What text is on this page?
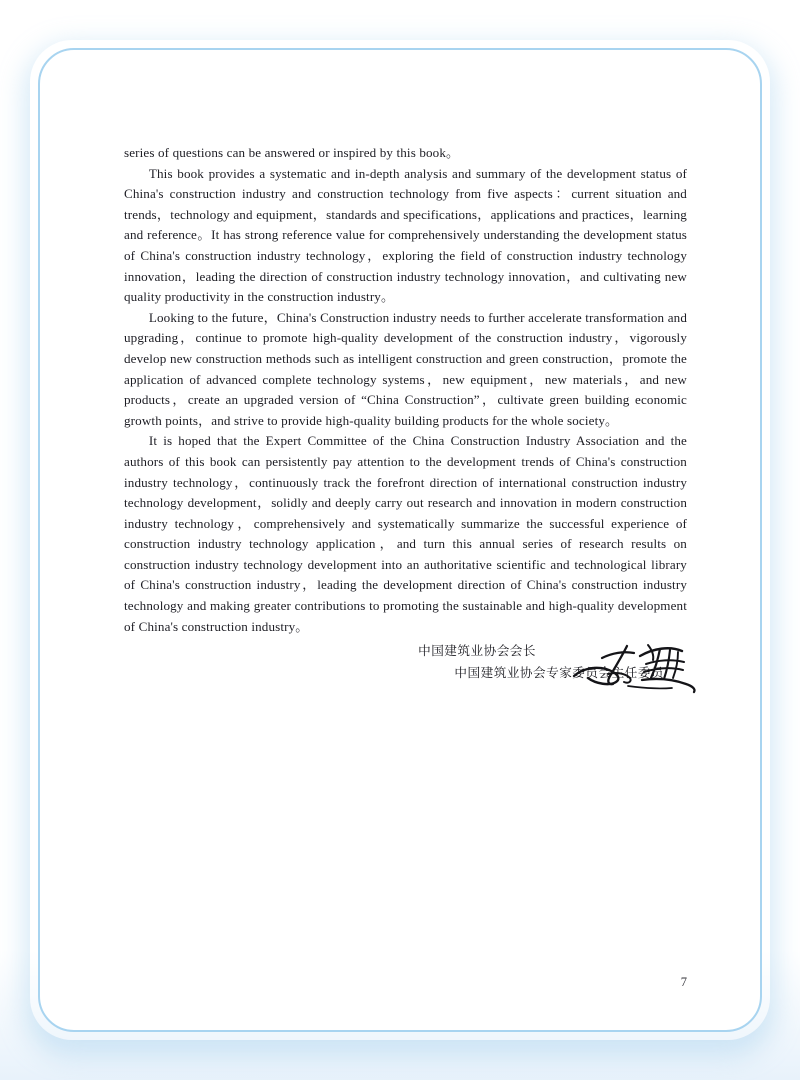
series of questions can be answered or inspired by this book。

This book provides a systematic and in-depth analysis and summary of the development status of China's construction industry and construction technology from five aspects：current situation and trends，technology and equipment，standards and specifications，applications and practices，learning and reference。It has strong reference value for comprehensively understanding the development status of China's construction industry technology，exploring the field of construction industry technology innovation，leading the direction of construction industry technology innovation，and cultivating new quality productivity in the construction industry。

Looking to the future，China's Construction industry needs to further accelerate transformation and upgrading，continue to promote high-quality development of the construction industry，vigorously develop new construction methods such as intelligent construction and green construction，promote the application of advanced complete technology systems，new equipment，new materials，and new products，create an upgraded version of “China Construction”，cultivate green building economic growth points，and strive to provide high-quality building products for the whole society。

It is hoped that the Expert Committee of the China Construction Industry Association and the authors of this book can persistently pay attention to the development trends of China's construction industry technology，continuously track the forefront direction of international construction industry technology development，solidly and deeply carry out research and innovation in modern construction industry technology，comprehensively and systematically summarize the successful experience of construction industry technology application，and turn this annual series of research results on construction industry technology development into an authoritative scientific and technological library of China's construction industry，leading the development direction of China's construction industry technology and making greater contributions to promoting the sustainable and high-quality development of China's construction industry。

中国建筑业协会会长
中国建筑业协会专家委员会主任委员
7
